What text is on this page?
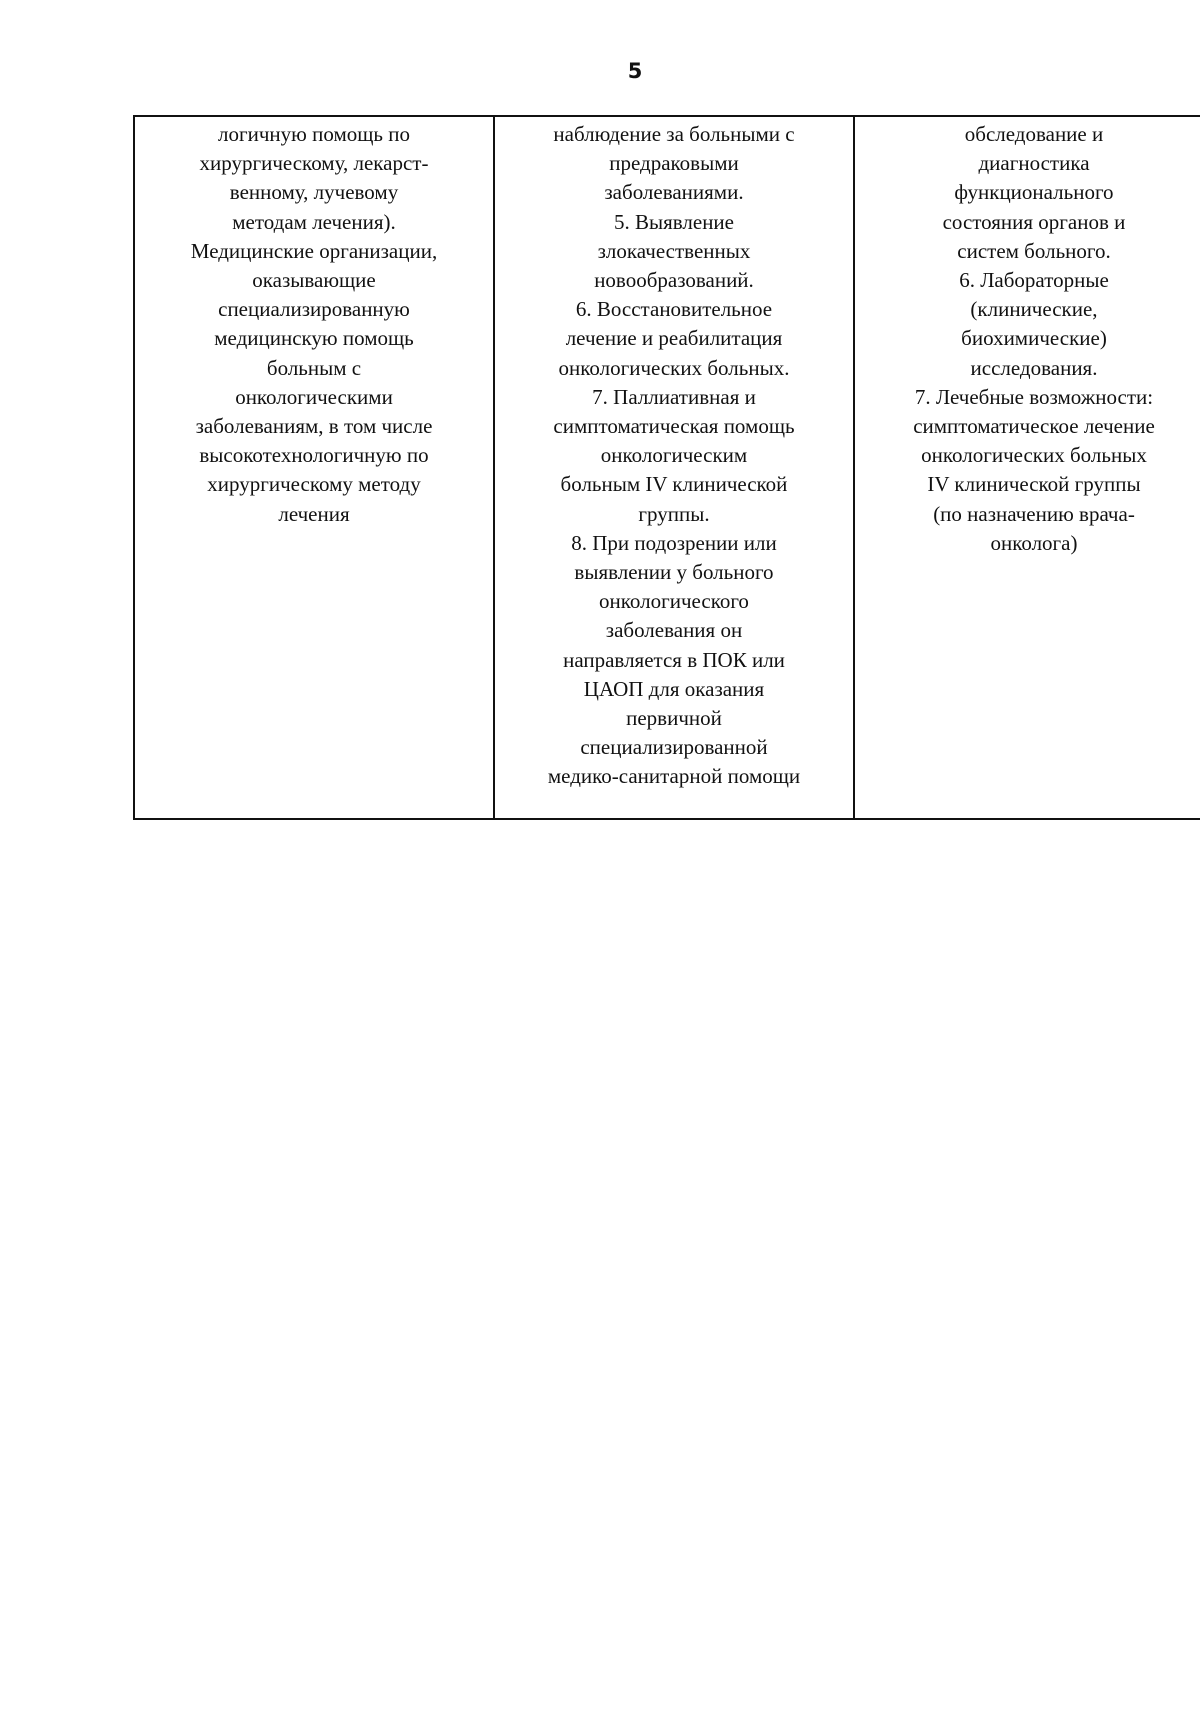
5
логичную помощь по
хирургическому, лекарст-
венному, лучевому
методам лечения).
Медицинские организации,
оказывающие
специализированную
медицинскую помощь
больным с
онкологическими
заболеваниям, в том числе
высокотехнологичную по
хирургическому методу
лечения

наблюдение за больными с
предраковыми
заболеваниями.
5. Выявление
злокачественных
новообразований.
6. Восстановительное
лечение и реабилитация
онкологических больных.
7. Паллиативная и
симптоматическая помощь
онкологическим
больным IV клинической
группы.
8. При подозрении или
выявлении у больного
онкологического
заболевания он
направляется в ПОК или
ЦАОП для оказания
первичной
специализированной
медико-санитарной помощи

обследование и
диагностика
функционального
состояния органов и
систем больного.
6. Лабораторные
(клинические,
биохимические)
исследования.
7. Лечебные возможности:
симптоматическое лечение
онкологических больных
IV клинической группы
(по назначению врача-
онколога)
